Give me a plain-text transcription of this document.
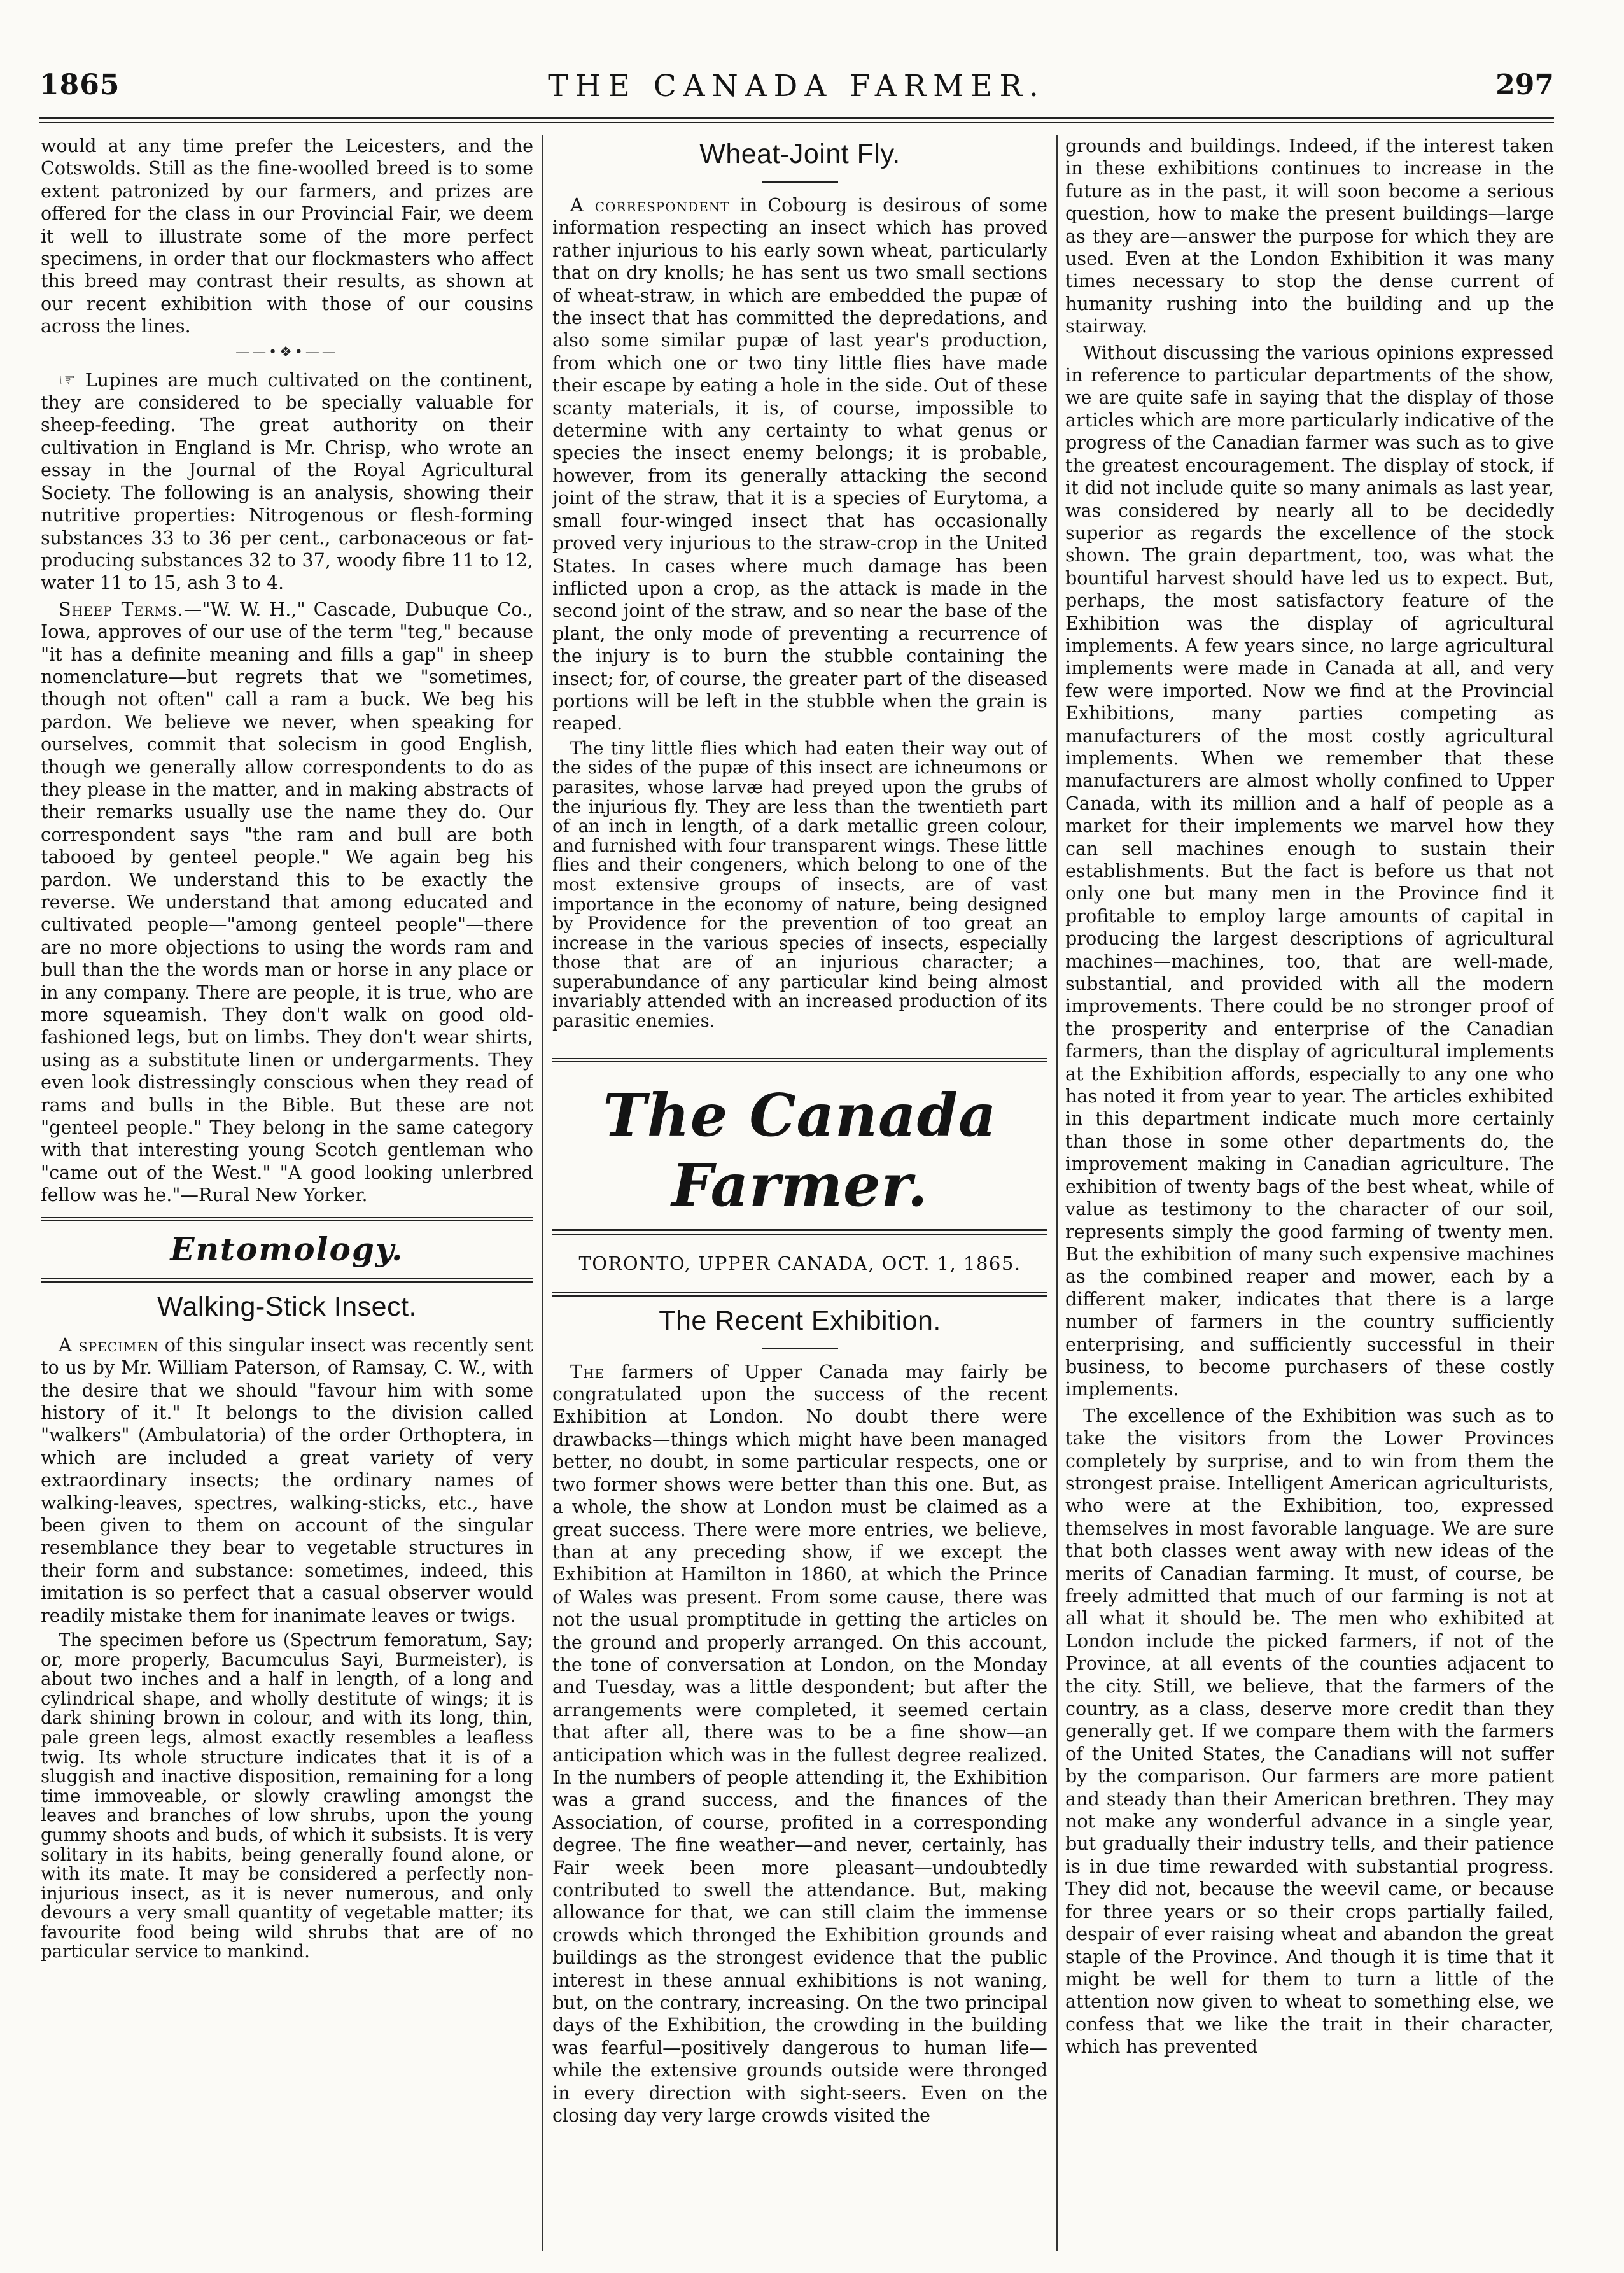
1865	THE CANADA FARMER.	297

would at any time prefer the Leicesters, and the Cotswolds. Still as the fine-woolled breed is to some extent patronized by our farmers, and prizes are offered for the class in our Provincial Fair, we deem it well to illustrate some of the more perfect specimens, in order that our flockmasters who affect this breed may contrast their results, as shown at our recent exhibition with those of our cousins across the lines.

——•❖•——

☞ Lupines are much cultivated on the continent, they are considered to be specially valuable for sheep-feeding. The great authority on their cultivation in England is Mr. Chrisp, who wrote an essay in the Journal of the Royal Agricultural Society. The following is an analysis, showing their nutritive properties: Nitrogenous or flesh-forming substances 33 to 36 per cent., carbonaceous or fat-producing substances 32 to 37, woody fibre 11 to 12, water 11 to 15, ash 3 to 4.

Sheep Terms.—"W. W. H.," Cascade, Dubuque Co., Iowa, approves of our use of the term "teg," because "it has a definite meaning and fills a gap" in sheep nomenclature—but regrets that we "sometimes, though not often" call a ram a buck. We beg his pardon. We believe we never, when speaking for ourselves, commit that solecism in good English, though we generally allow correspondents to do as they please in the matter, and in making abstracts of their remarks usually use the name they do. Our correspondent says "the ram and bull are both tabooed by genteel people." We again beg his pardon. We understand this to be exactly the reverse. We understand that among educated and cultivated people—"among genteel people"—there are no more objections to using the words ram and bull than the the words man or horse in any place or in any company. There are people, it is true, who are more squeamish. They don't walk on good old-fashioned legs, but on limbs. They don't wear shirts, using as a substitute linen or undergarments. They even look distressingly conscious when they read of rams and bulls in the Bible. But these are not "genteel people." They belong in the same category with that interesting young Scotch gentleman who "came out of the West." "A good looking unlerbred fellow was he."—Rural New Yorker.

Entomology.
Walking-Stick Insect.

A specimen of this singular insect was recently sent to us by Mr. William Paterson, of Ramsay, C. W., with the desire that we should "favour him with some history of it." It belongs to the division called "walkers" (Ambulatoria) of the order Orthoptera, in which are included a great variety of very extraordinary insects; the ordinary names of walking-leaves, spectres, walking-sticks, etc., have been given to them on account of the singular resemblance they bear to vegetable structures in their form and substance: sometimes, indeed, this imitation is so perfect that a casual observer would readily mistake them for inanimate leaves or twigs.

The specimen before us (Spectrum femoratum, Say; or, more properly, Bacumculus Sayi, Burmeister), is about two inches and a half in length, of a long and cylindrical shape, and wholly destitute of wings; it is dark shining brown in colour, and with its long, thin, pale green legs, almost exactly resembles a leafless twig. Its whole structure indicates that it is of a sluggish and inactive disposition, remaining for a long time immoveable, or slowly crawling amongst the leaves and branches of low shrubs, upon the young gummy shoots and buds, of which it subsists. It is very solitary in its habits, being generally found alone, or with its mate. It may be considered a perfectly non-injurious insect, as it is never numerous, and only devours a very small quantity of vegetable matter; its favourite food being wild shrubs that are of no particular service to mankind.

Wheat-Joint Fly.

A correspondent in Cobourg is desirous of some information respecting an insect which has proved rather injurious to his early sown wheat, particularly that on dry knolls; he has sent us two small sections of wheat-straw, in which are embedded the pupæ of the insect that has committed the depredations, and also some similar pupæ of last year's production, from which one or two tiny little flies have made their escape by eating a hole in the side. Out of these scanty materials, it is, of course, impossible to determine with any certainty to what genus or species the insect enemy belongs; it is probable, however, from its generally attacking the second joint of the straw, that it is a species of Eurytoma, a small four-winged insect that has occasionally proved very injurious to the straw-crop in the United States. In cases where much damage has been inflicted upon a crop, as the attack is made in the second joint of the straw, and so near the base of the plant, the only mode of preventing a recurrence of the injury is to burn the stubble containing the insect; for, of course, the greater part of the diseased portions will be left in the stubble when the grain is reaped.

The tiny little flies which had eaten their way out of the sides of the pupæ of this insect are ichneumons or parasites, whose larvæ had preyed upon the grubs of the injurious fly. They are less than the twentieth part of an inch in length, of a dark metallic green colour, and furnished with four transparent wings. These little flies and their congeners, which belong to one of the most extensive groups of insects, are of vast importance in the economy of nature, being designed by Providence for the prevention of too great an increase in the various species of insects, especially those that are of an injurious character; a superabundance of any particular kind being almost invariably attended with an increased production of its parasitic enemies.

The Canada Farmer.
TORONTO, UPPER CANADA, OCT. 1, 1865.
The Recent Exhibition.

The farmers of Upper Canada may fairly be congratulated upon the success of the recent Exhibition at London. No doubt there were drawbacks—things which might have been managed better, no doubt, in some particular respects, one or two former shows were better than this one. But, as a whole, the show at London must be claimed as a great success. There were more entries, we believe, than at any preceding show, if we except the Exhibition at Hamilton in 1860, at which the Prince of Wales was present. From some cause, there was not the usual promptitude in getting the articles on the ground and properly arranged. On this account, the tone of conversation at London, on the Monday and Tuesday, was a little despondent; but after the arrangements were completed, it seemed certain that after all, there was to be a fine show—an anticipation which was in the fullest degree realized. In the numbers of people attending it, the Exhibition was a grand success, and the finances of the Association, of course, profited in a corresponding degree. The fine weather—and never, certainly, has Fair week been more pleasant—undoubtedly contributed to swell the attendance. But, making allowance for that, we can still claim the immense crowds which thronged the Exhibition grounds and buildings as the strongest evidence that the public interest in these annual exhibitions is not waning, but, on the contrary, increasing. On the two principal days of the Exhibition, the crowding in the building was fearful—positively dangerous to human life—while the extensive grounds outside were thronged in every direction with sight-seers. Even on the closing day very large crowds visited the

grounds and buildings. Indeed, if the interest taken in these exhibitions continues to increase in the future as in the past, it will soon become a serious question, how to make the present buildings—large as they are—answer the purpose for which they are used. Even at the London Exhibition it was many times necessary to stop the dense current of humanity rushing into the building and up the stairway.

Without discussing the various opinions expressed in reference to particular departments of the show, we are quite safe in saying that the display of those articles which are more particularly indicative of the progress of the Canadian farmer was such as to give the greatest encouragement. The display of stock, if it did not include quite so many animals as last year, was considered by nearly all to be decidedly superior as regards the excellence of the stock shown. The grain department, too, was what the bountiful harvest should have led us to expect. But, perhaps, the most satisfactory feature of the Exhibition was the display of agricultural implements. A few years since, no large agricultural implements were made in Canada at all, and very few were imported. Now we find at the Provincial Exhibitions, many parties competing as manufacturers of the most costly agricultural implements. When we remember that these manufacturers are almost wholly confined to Upper Canada, with its million and a half of people as a market for their implements we marvel how they can sell machines enough to sustain their establishments. But the fact is before us that not only one but many men in the Province find it profitable to employ large amounts of capital in producing the largest descriptions of agricultural machines—machines, too, that are well-made, substantial, and provided with all the modern improvements. There could be no stronger proof of the prosperity and enterprise of the Canadian farmers, than the display of agricultural implements at the Exhibition affords, especially to any one who has noted it from year to year. The articles exhibited in this department indicate much more certainly than those in some other departments do, the improvement making in Canadian agriculture. The exhibition of twenty bags of the best wheat, while of value as testimony to the character of our soil, represents simply the good farming of twenty men. But the exhibition of many such expensive machines as the combined reaper and mower, each by a different maker, indicates that there is a large number of farmers in the country sufficiently enterprising, and sufficiently successful in their business, to become purchasers of these costly implements.

The excellence of the Exhibition was such as to take the visitors from the Lower Provinces completely by surprise, and to win from them the strongest praise. Intelligent American agriculturists, who were at the Exhibition, too, expressed themselves in most favorable language. We are sure that both classes went away with new ideas of the merits of Canadian farming. It must, of course, be freely admitted that much of our farming is not at all what it should be. The men who exhibited at London include the picked farmers, if not of the Province, at all events of the counties adjacent to the city. Still, we believe, that the farmers of the country, as a class, deserve more credit than they generally get. If we compare them with the farmers of the United States, the Canadians will not suffer by the comparison. Our farmers are more patient and steady than their American brethren. They may not make any wonderful advance in a single year, but gradually their industry tells, and their patience is in due time rewarded with substantial progress. They did not, because the weevil came, or because for three years or so their crops partially failed, despair of ever raising wheat and abandon the great staple of the Province. And though it is time that it might be well for them to turn a little of the attention now given to wheat to something else, we confess that we like the trait in their character, which has prevented
